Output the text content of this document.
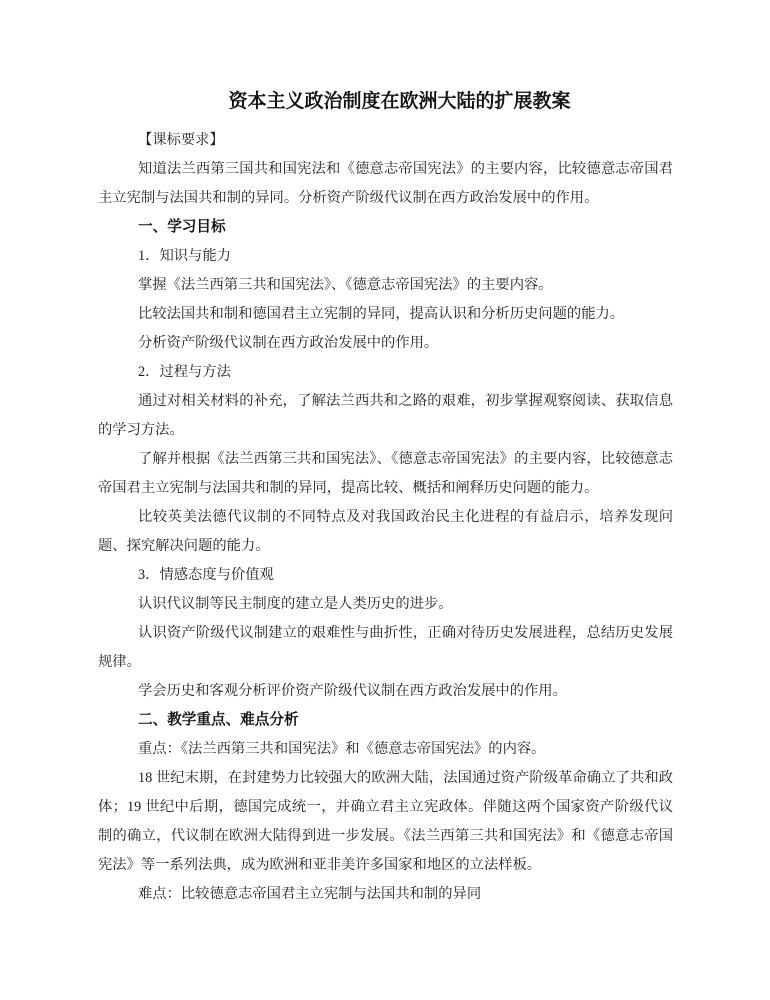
资本主义政治制度在欧洲大陆的扩展教案

【课标要求】

知道法兰西第三国共和国宪法和《德意志帝国宪法》的主要内容，比较德意志帝国君主立宪制与法国共和制的异同。分析资产阶级代议制在西方政治发展中的作用。

一、学习目标

1．知识与能力

掌握《法兰西第三共和国宪法》、《德意志帝国宪法》的主要内容。

比较法国共和制和德国君主立宪制的异同，提高认识和分析历史问题的能力。

分析资产阶级代议制在西方政治发展中的作用。

2．过程与方法

通过对相关材料的补充，了解法兰西共和之路的艰难，初步掌握观察阅读、获取信息的学习方法。

了解并根据《法兰西第三共和国宪法》、《德意志帝国宪法》的主要内容，比较德意志帝国君主立宪制与法国共和制的异同，提高比较、概括和阐释历史问题的能力。

比较英美法德代议制的不同特点及对我国政治民主化进程的有益启示，培养发现问题、探究解决问题的能力。

3．情感态度与价值观

认识代议制等民主制度的建立是人类历史的进步。

认识资产阶级代议制建立的艰难性与曲折性，正确对待历史发展进程，总结历史发展规律。

学会历史和客观分析评价资产阶级代议制在西方政治发展中的作用。

二、教学重点、难点分析

重点：《法兰西第三共和国宪法》和《德意志帝国宪法》的内容。

18 世纪末期，在封建势力比较强大的欧洲大陆，法国通过资产阶级革命确立了共和政体；19 世纪中后期，德国完成统一，并确立君主立宪政体。伴随这两个国家资产阶级代议制的确立，代议制在欧洲大陆得到进一步发展。《法兰西第三共和国宪法》和《德意志帝国宪法》等一系列法典，成为欧洲和亚非美许多国家和地区的立法样板。

难点：比较德意志帝国君主立宪制与法国共和制的异同
